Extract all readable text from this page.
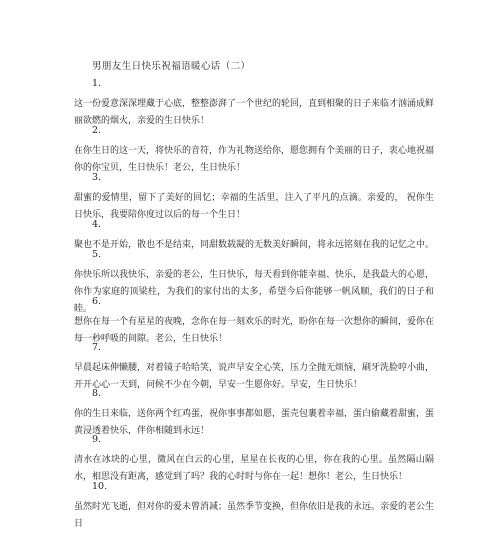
男朋友生日快乐祝福语暖心话（二）
1.
这一份爱意深深埋藏于心底，整整澎湃了一个世纪的轮回，直到相聚的日子来临才汹涌成鲜丽欲燃的烟火，亲爱的生日快乐！
2.
在你生日的这一天，将快乐的音符，作为礼物送给你，愿您拥有个美丽的日子，衷心地祝福你的你宝贝，生日快乐！老公，生日快乐！
3.
甜蜜的爱情里，留下了美好的回忆；幸福的生活里，注入了平凡的点滴。亲爱的， 祝你生日快乐，我要陪你度过以后的每一个生日！
4.
聚也不是开始，散也不是结束，同甜数载凝的无数美好瞬间，将永远铭刻在我的记忆之中。
5.
你快乐所以我快乐，亲爱的老公，生日快乐，每天看到你能幸福、快乐，是我最大的心愿，你作为家庭的顶梁柱，为我们的家付出的太多，希望今后你能够一帆风顺，我们的日子和睦。
6.
想你在每一个有星星的夜晚，念你在每一刻欢乐的时光，盼你在每一次想你的瞬间，爱你在每一秒呼吸的间隙。老公，生日快乐！
7.
早晨起床伸懒腰，对着镜子哈哈笑，说声早安全心笑，压力全抛无烦恼，刷牙洗脸哼小曲，开开心心一天到，问候不少在今朝，早安一生愿你好。早安，生日快乐！
8.
你的生日来临，送你两个红鸡蛋，祝你事事都如愿，蛋壳包裹着幸福，蛋白偷藏着甜蜜，蛋黄浸透着快乐，伴你相随到永远！
9.
清水在冰块的心里，微风在白云的心里，星星在长夜的心里，你在我的心里。虽然隔山隔水，相思没有距离，感觉到了吗？我的心时时与你在一起！想你！老公，生日快乐！
10.
虽然时光飞逝，但对你的爱未曾消减；虽然季节变换，但你依旧是我的永远。亲爱的老公生日
